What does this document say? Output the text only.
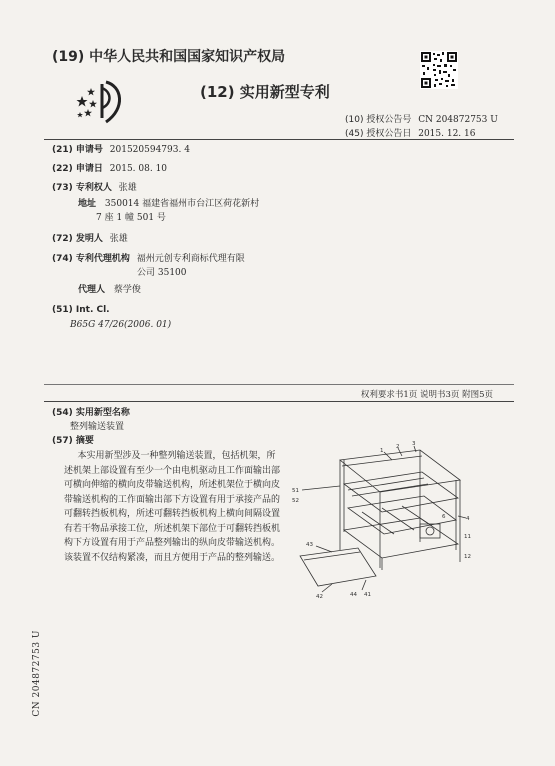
(19) 中华人民共和国国家知识产权局
(12) 实用新型专利
(10) 授权公告号 CN 204872753 U
(45) 授权公告日 2015. 12. 16
(21) 申请号 201520594793. 4
(22) 申请日 2015. 08. 10
(73) 专利权人 张雄
地址 350014 福建省福州市台江区荷花新村
7 座 1 幢 501 号
(72) 发明人 张雄
(74) 专利代理机构 福州元创专利商标代理有限
公司 35100
代理人 蔡学俊
(51) Int. Cl.
B65G 47/26(2006. 01)
权利要求书1页 说明书3页 附图5页
(54) 实用新型名称
整列输送装置
(57) 摘要
本实用新型涉及一种整列输送装置，包括机架，所述机架上部设置有至少一个由电机驱动且工作面输出部可横向伸缩的横向皮带输送机构，所述机架位于横向皮带输送机构的工作面输出部下方设置有用于承接产品的可翻转挡板机构，所述可翻转挡板机构上横向间隔设置有若干物品承接工位，所述机架下部位于可翻转挡板机构下方设置有用于产品整列输出的纵向皮带输送机构。该装置不仅结构紧凑，而且方便用于产品的整列输送。
1
2 3
51
52
11
12
4
41
42
43
44
6
CN 204872753 U
